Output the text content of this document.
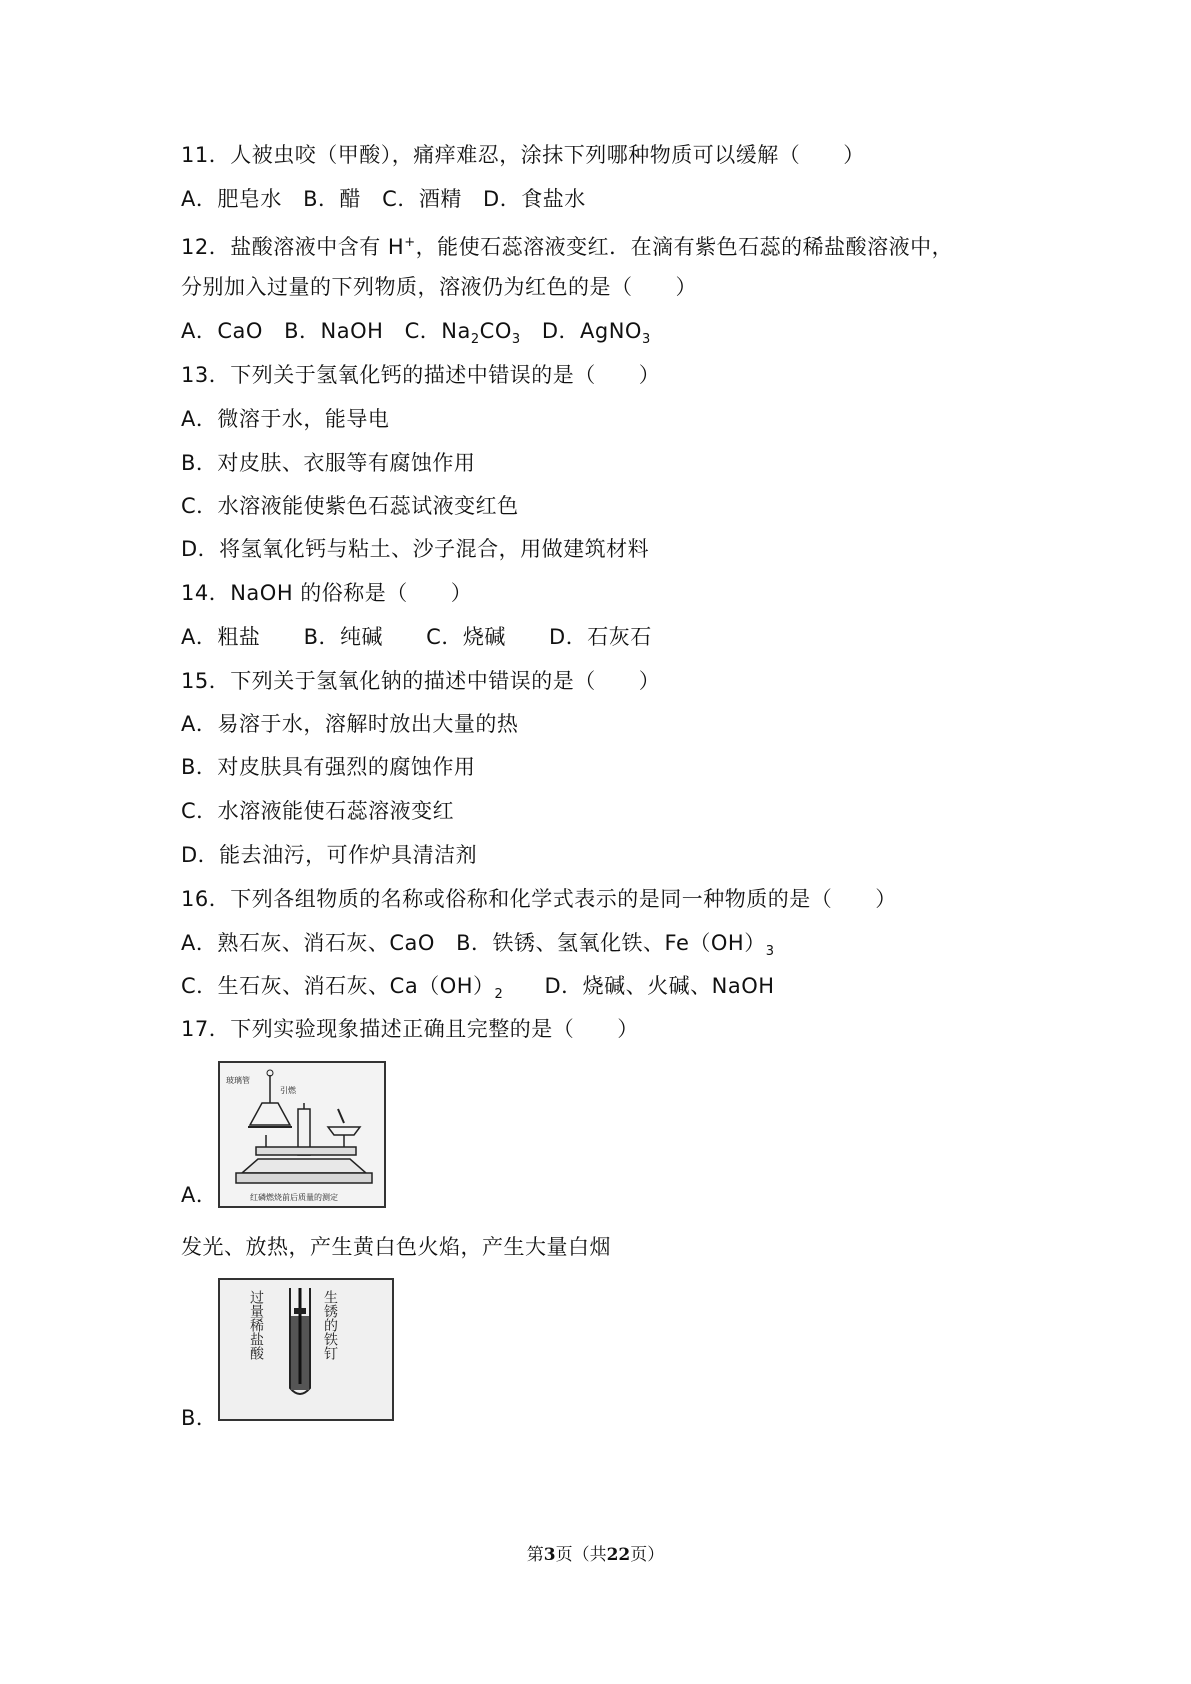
11．人被虫咬（甲酸），痛痒难忍，涂抹下列哪种物质可以缓解（　　）
A．肥皂水 B．醋 C．酒精 D．食盐水
12．盐酸溶液中含有 H+，能使石蕊溶液变红．在滴有紫色石蕊的稀盐酸溶液中，
分别加入过量的下列物质，溶液仍为红色的是（　　）
A．CaO B．NaOH C．$Na_2CO_3$ D．AgNO$_3$
13．下列关于氢氧化钙的描述中错误的是（　　）
A．微溶于水，能导电
B．对皮肤、衣服等有腐蚀作用
C．水溶液能使紫色石蕊试液变红色
D．将氢氧化钙与粘土、沙子混合，用做建筑材料
14．NaOH 的俗称是（　　）
A．粗盐 B．纯碱 C．烧碱 D．石灰石
15．下列关于氢氧化钠的描述中错误的是（　　）
A．易溶于水，溶解时放出大量的热
B．对皮肤具有强烈的腐蚀作用
C．水溶液能使石蕊溶液变红
D．能去油污，可作炉具清洁剂
16．下列各组物质的名称或俗称和化学式表示的是同一种物质的是（　　）
A．熟石灰、消石灰、CaO B．铁锈、氢氧化铁、$Fe(OH)_3$
C．生石灰、消石灰、$Ca(OH)_2$ D．烧碱、火碱、NaOH
17．下列实验现象描述正确且完整的是（　　）
玻璃管
引燃
红磷燃烧前后质量的测定
A．
发光、放热，产生黄白色火焰，产生大量白烟
过量稀盐酸	生锈的铁钉
B．
第3页（共22页）
